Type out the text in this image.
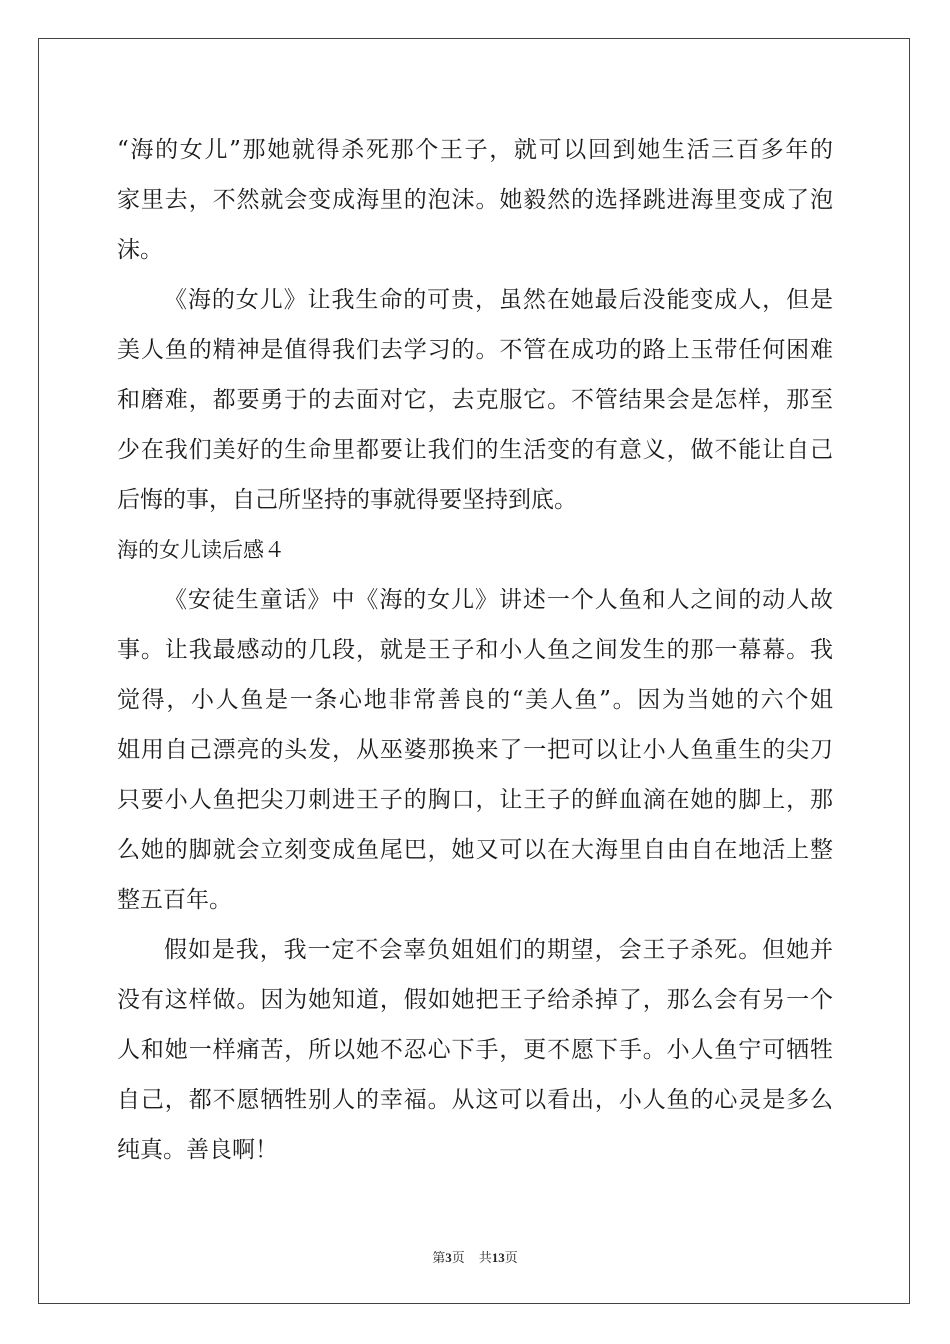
“海的女儿”那她就得杀死那个王子，就可以回到她生活三百多年的
家里去，不然就会变成海里的泡沫。她毅然的选择跳进海里变成了泡
沫。
《海的女儿》让我生命的可贵，虽然在她最后没能变成人，但是
美人鱼的精神是值得我们去学习的。不管在成功的路上玉带任何困难
和磨难，都要勇于的去面对它，去克服它。不管结果会是怎样，那至
少在我们美好的生命里都要让我们的生活变的有意义，做不能让自己
后悔的事，自己所坚持的事就得要坚持到底。
海的女儿读后感４
《安徒生童话》中《海的女儿》讲述一个人鱼和人之间的动人故
事。让我最感动的几段，就是王子和小人鱼之间发生的那一幕幕。我
觉得，小人鱼是一条心地非常善良的“美人鱼”。因为当她的六个姐
姐用自己漂亮的头发，从巫婆那换来了一把可以让小人鱼重生的尖刀
只要小人鱼把尖刀刺进王子的胸口，让王子的鲜血滴在她的脚上，那
么她的脚就会立刻变成鱼尾巴，她又可以在大海里自由自在地活上整
整五百年。
假如是我，我一定不会辜负姐姐们的期望，会王子杀死。但她并
没有这样做。因为她知道，假如她把王子给杀掉了，那么会有另一个
人和她一样痛苦，所以她不忍心下手，更不愿下手。小人鱼宁可牺牲
自己，都不愿牺牲别人的幸福。从这可以看出，小人鱼的心灵是多么
纯真。善良啊！
第3页 共13页
